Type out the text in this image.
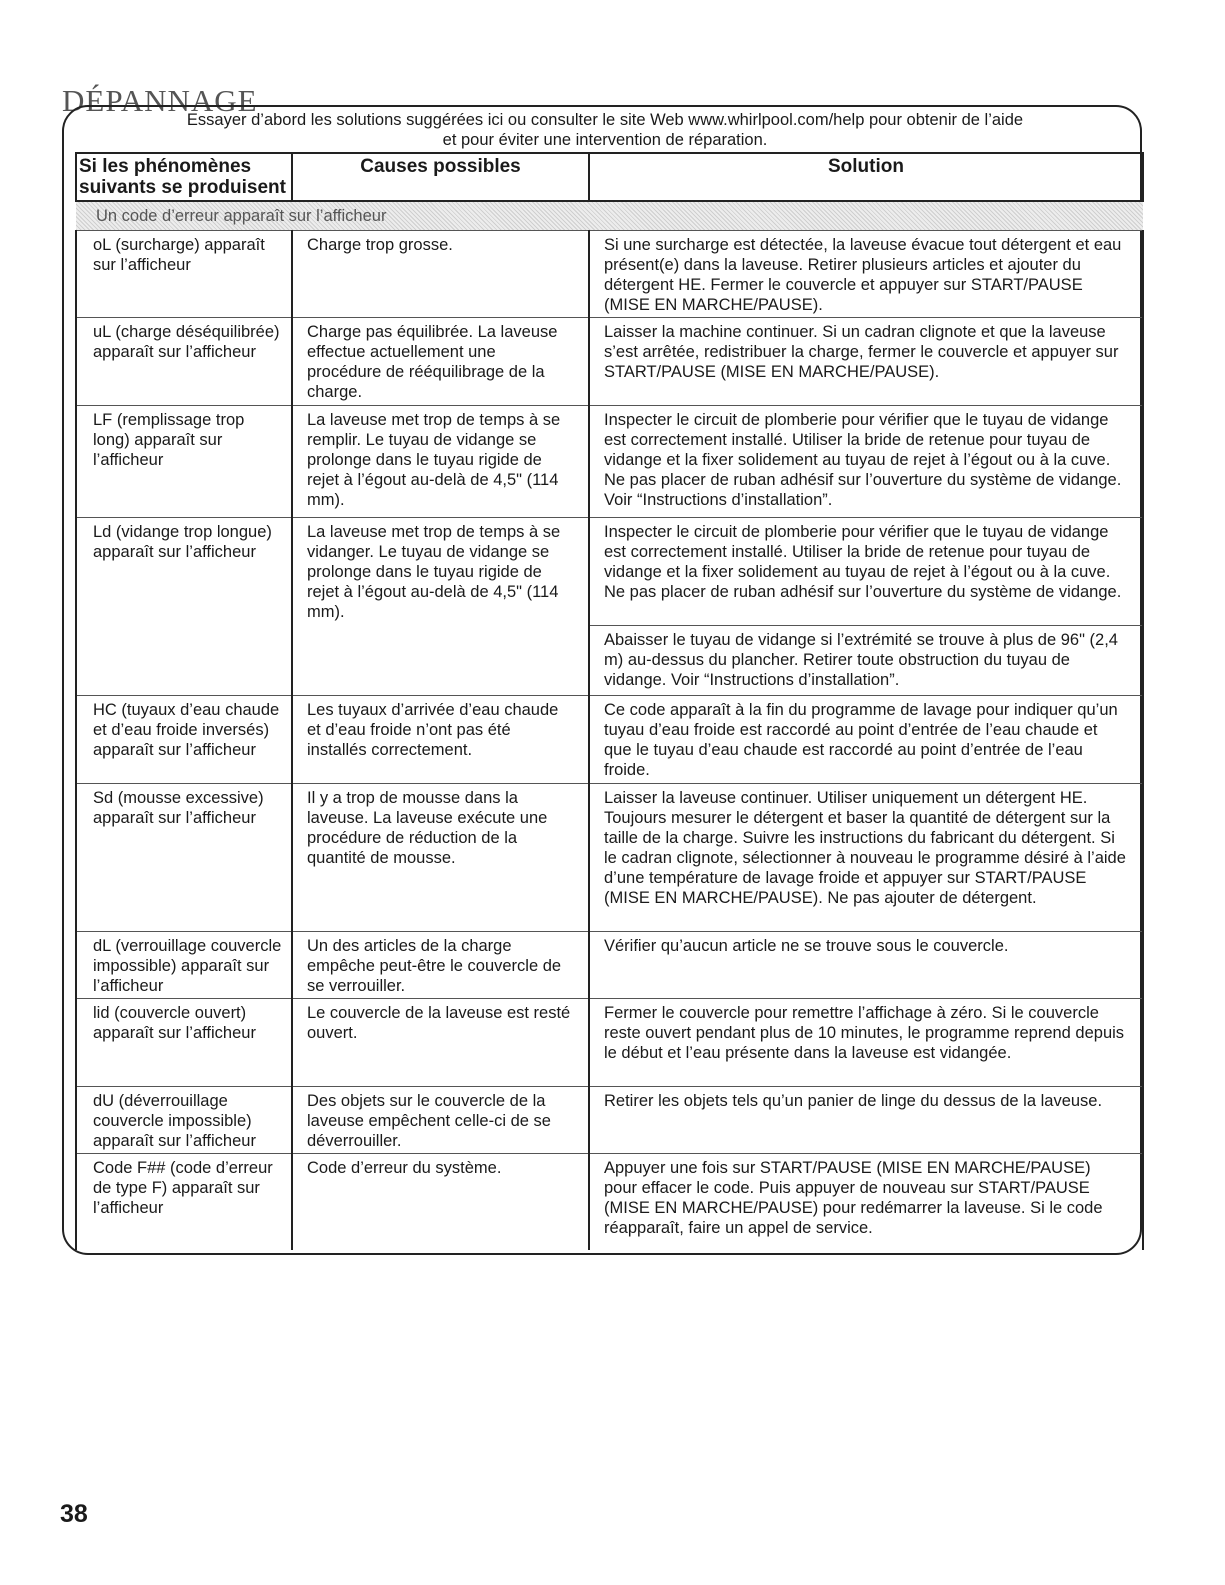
DÉPANNAGE

Essayer d’abord les solutions suggérées ici ou consulter le site Web www.whirlpool.com/help pour obtenir de l’aide
et pour éviter une intervention de réparation.

Si les phénomènes suivants se produisent	Causes possibles	Solution
Un code d’erreur apparaît sur l’afficheur		
oL (surcharge) apparaît sur l’afficheur	Charge trop grosse.	Si une surcharge est détectée, la laveuse évacue tout détergent et eau présent(e) dans la laveuse. Retirer plusieurs articles et ajouter du détergent HE. Fermer le couvercle et appuyer sur START/PAUSE (MISE EN MARCHE/PAUSE).
uL (charge déséquilibrée) apparaît sur l’afficheur	Charge pas équilibrée. La laveuse effectue actuellement une procédure de rééquilibrage de la charge.	Laisser la machine continuer. Si un cadran clignote et que la laveuse s’est arrêtée, redistribuer la charge, fermer le couvercle et appuyer sur START/PAUSE (MISE EN MARCHE/PAUSE).
LF (remplissage trop long) apparaît sur l’afficheur	La laveuse met trop de temps à se remplir. Le tuyau de vidange se prolonge dans le tuyau rigide de rejet à l’égout au-delà de 4,5" (114 mm).	Inspecter le circuit de plomberie pour vérifier que le tuyau de vidange est correctement installé. Utiliser la bride de retenue pour tuyau de vidange et la fixer solidement au tuyau de rejet à l’égout ou à la cuve. Ne pas placer de ruban adhésif sur l’ouverture du système de vidange. Voir “Instructions d’installation”.
Ld (vidange trop longue) apparaît sur l’afficheur	La laveuse met trop de temps à se vidanger. Le tuyau de vidange se prolonge dans le tuyau rigide de rejet à l’égout au-delà de 4,5" (114 mm).	Inspecter le circuit de plomberie pour vérifier que le tuyau de vidange est correctement installé. Utiliser la bride de retenue pour tuyau de vidange et la fixer solidement au tuyau de rejet à l’égout ou à la cuve. Ne pas placer de ruban adhésif sur l’ouverture du système de vidange.
		Abaisser le tuyau de vidange si l’extrémité se trouve à plus de 96" (2,4 m) au-dessus du plancher. Retirer toute obstruction du tuyau de vidange. Voir “Instructions d’installation”.
HC (tuyaux d’eau chaude et d’eau froide inversés) apparaît sur l’afficheur	Les tuyaux d’arrivée d’eau chaude et d’eau froide n’ont pas été installés correctement.	Ce code apparaît à la fin du programme de lavage pour indiquer qu’un tuyau d’eau froide est raccordé au point d’entrée de l’eau chaude et que le tuyau d’eau chaude est raccordé au point d’entrée de l’eau froide.
Sd (mousse excessive) apparaît sur l’afficheur	Il y a trop de mousse dans la laveuse. La laveuse exécute une procédure de réduction de la quantité de mousse.	Laisser la laveuse continuer. Utiliser uniquement un détergent HE. Toujours mesurer le détergent et baser la quantité de détergent sur la taille de la charge. Suivre les instructions du fabricant du détergent. Si le cadran clignote, sélectionner à nouveau le programme désiré à l’aide d’une température de lavage froide et appuyer sur START/PAUSE (MISE EN MARCHE/PAUSE). Ne pas ajouter de détergent.
dL (verrouillage couvercle impossible) apparaît sur l’afficheur	Un des articles de la charge empêche peut-être le couvercle de se verrouiller.	Vérifier qu’aucun article ne se trouve sous le couvercle.
lid (couvercle ouvert) apparaît sur l’afficheur	Le couvercle de la laveuse est resté ouvert.	Fermer le couvercle pour remettre l’affichage à zéro. Si le couvercle reste ouvert pendant plus de 10 minutes, le programme reprend depuis le début et l’eau présente dans la laveuse est vidangée.
dU (déverrouillage couvercle impossible) apparaît sur l’afficheur	Des objets sur le couvercle de la laveuse empêchent celle-ci de se déverrouiller.	Retirer les objets tels qu’un panier de linge du dessus de la laveuse.
Code F## (code d’erreur de type F) apparaît sur l’afficheur	Code d’erreur du système.	Appuyer une fois sur START/PAUSE (MISE EN MARCHE/PAUSE) pour effacer le code. Puis appuyer de nouveau sur START/PAUSE (MISE EN MARCHE/PAUSE) pour redémarrer la laveuse. Si le code réapparaît, faire un appel de service.
38
